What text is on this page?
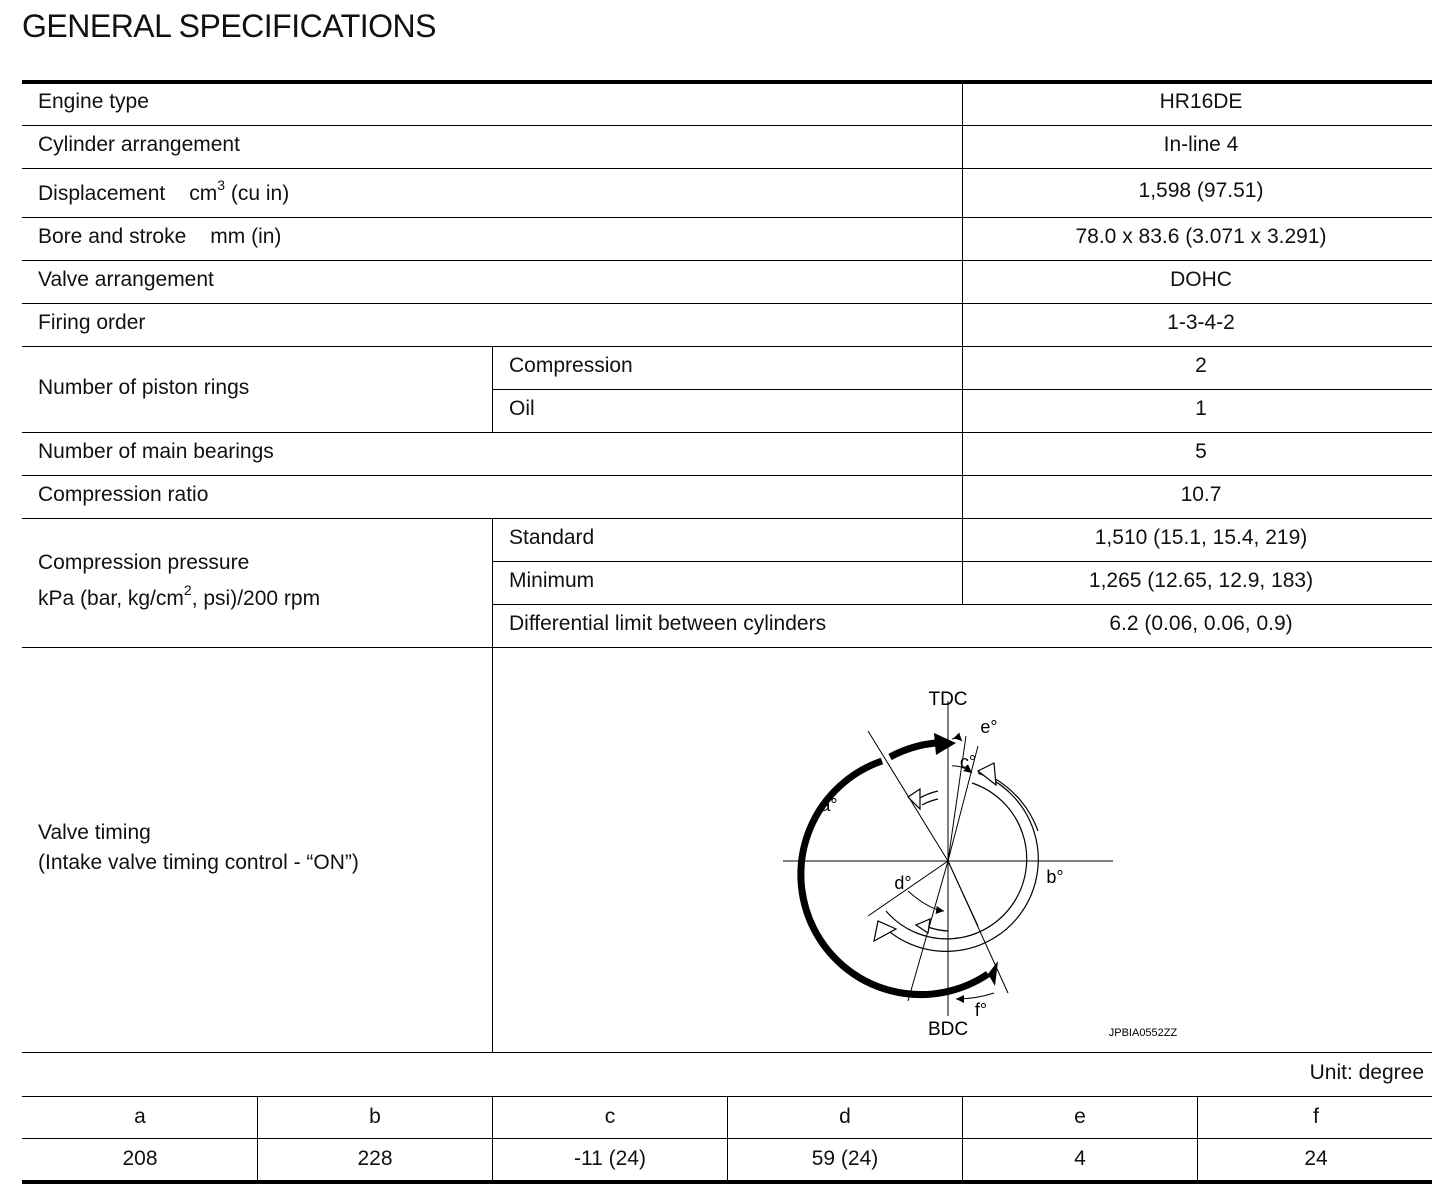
GENERAL SPECIFICATIONS
Engine type	HR16DE
Cylinder arrangement	In-line 4
Displacement $cm^3$ (cu in)	1,598 (97.51)
Bore and stroke mm (in)	78.0 x 83.6 (3.071 x 3.291)
Valve arrangement	DOHC
Firing order	1-3-4-2
Number of piston rings
Compression	2
Oil	1
Number of main bearings	5
Compression ratio	10.7
Compression pressure
kPa (bar, $kg/cm^2$, psi)/200 rpm
Standard	1,510 (15.1, 15.4, 219)
Minimum	1,265 (12.65, 12.9, 183)
Differential limit between cylinders	6.2 (0.06, 0.06, 0.9)
Valve timing
(Intake valve timing control - “ON”)
TDC
BDC
a°
b°
c°
d°
e°
f°
JPBIA0552ZZ
Unit: degree
a	b	c	d	e	f
208	228	-11 (24)	59 (24)	4	24
